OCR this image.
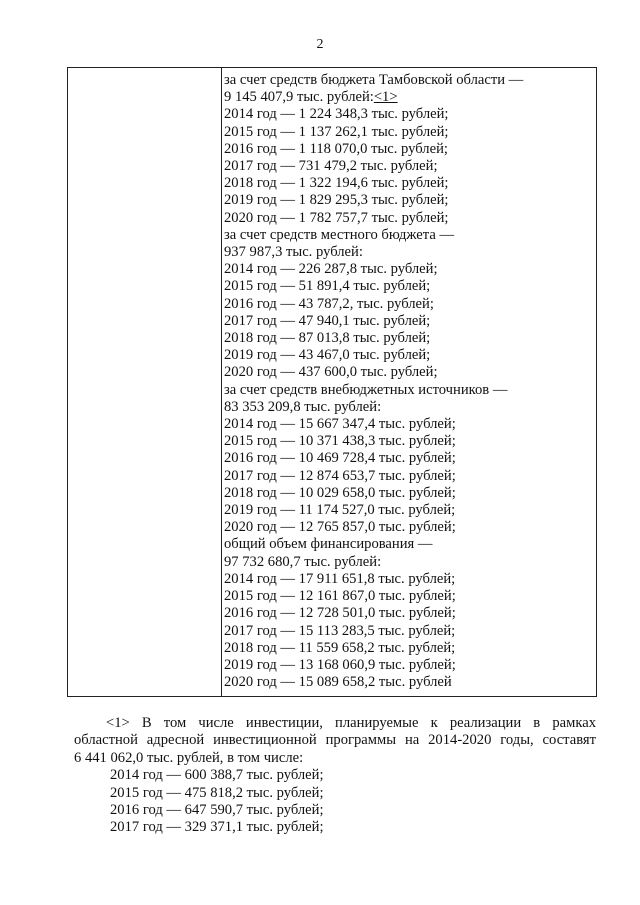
2
за счет средств бюджета Тамбовской области —
9 145 407,9 тыс. рублей:<1>
2014 год — 1 224 348,3 тыс. рублей;
2015 год — 1 137 262,1 тыс. рублей;
2016 год — 1 118 070,0 тыс. рублей;
2017 год — 731 479,2 тыс. рублей;
2018 год — 1 322 194,6 тыс. рублей;
2019 год — 1 829 295,3 тыс. рублей;
2020 год — 1 782 757,7 тыс. рублей;
за счет средств местного бюджета —
937 987,3 тыс. рублей:
2014 год — 226 287,8 тыс. рублей;
2015 год — 51 891,4 тыс. рублей;
2016 год — 43 787,2, тыс. рублей;
2017 год — 47 940,1 тыс. рублей;
2018 год — 87 013,8 тыс. рублей;
2019 год — 43 467,0 тыс. рублей;
2020 год — 437 600,0 тыс. рублей;
за счет средств внебюджетных источников —
83 353 209,8 тыс. рублей:
2014 год — 15 667 347,4 тыс. рублей;
2015 год — 10 371 438,3 тыс. рублей;
2016 год — 10 469 728,4 тыс. рублей;
2017 год — 12 874 653,7 тыс. рублей;
2018 год — 10 029 658,0 тыс. рублей;
2019 год — 11 174 527,0 тыс. рублей;
2020 год — 12 765 857,0 тыс. рублей;
общий объем финансирования —
97 732 680,7 тыс. рублей:
2014 год — 17 911 651,8 тыс. рублей;
2015 год — 12 161 867,0 тыс. рублей;
2016 год — 12 728 501,0 тыс. рублей;
2017 год — 15 113 283,5 тыс. рублей;
2018 год — 11 559 658,2 тыс. рублей;
2019 год — 13 168 060,9 тыс. рублей;
2020 год — 15 089 658,2 тыс. рублей
<1> В том числе инвестиции, планируемые к реализации в рамках
областной адресной инвестиционной программы на 2014-2020 годы, составят
6 441 062,0 тыс. рублей, в том числе:
2014 год — 600 388,7 тыс. рублей;
2015 год — 475 818,2 тыс. рублей;
2016 год — 647 590,7 тыс. рублей;
2017 год — 329 371,1 тыс. рублей;
